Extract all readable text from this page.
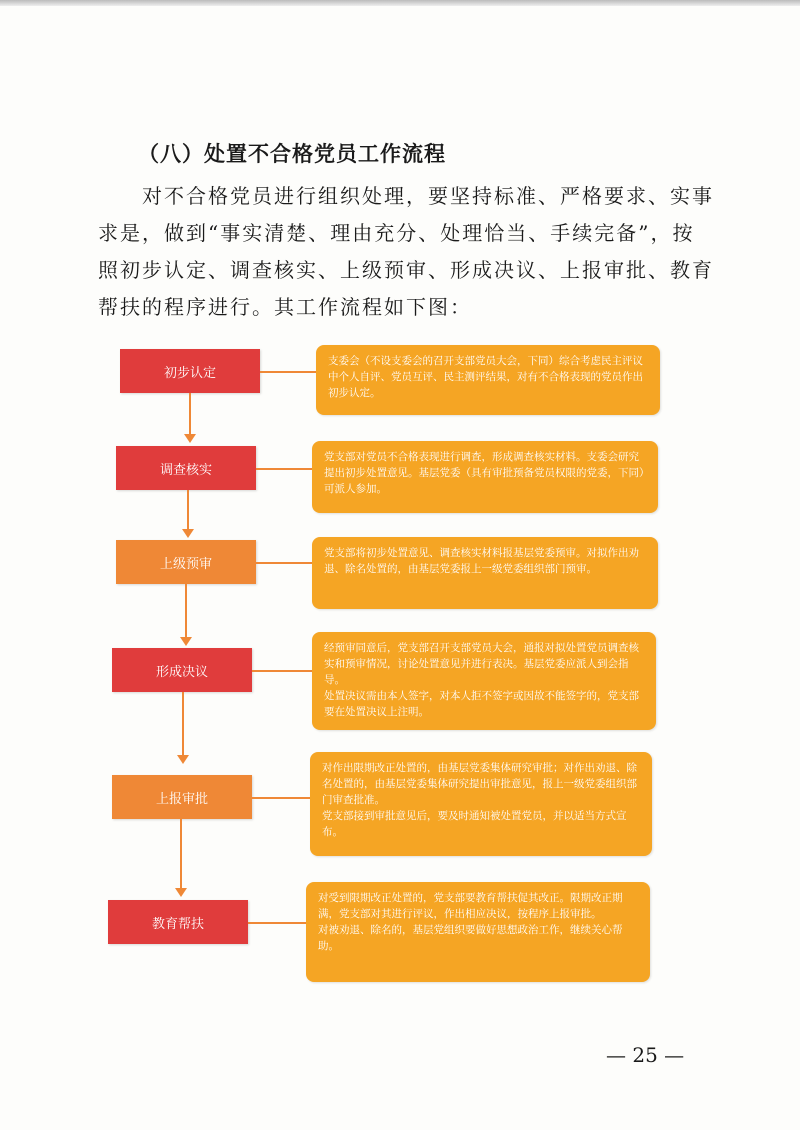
（八）处置不合格党员工作流程
对不合格党员进行组织处理，要坚持标准、严格要求、实事
求是，做到“事实清楚、理由充分、处理恰当、手续完备”，按
照初步认定、调查核实、上级预审、形成决议、上报审批、教育
帮扶的程序进行。其工作流程如下图：
初步认定

支委会（不设支委会的召开支部党员大会，下同）综合考虑民主评议中个人自评、党员互评、民主测评结果，对有不合格表现的党员作出初步认定。

调查核实

党支部对党员不合格表现进行调查，形成调查核实材料。支委会研究提出初步处置意见。基层党委（具有审批预备党员权限的党委，下同）可派人参加。

上级预审

党支部将初步处置意见、调查核实材料报基层党委预审。对拟作出劝退、除名处置的，由基层党委报上一级党委组织部门预审。

形成决议

经预审同意后，党支部召开支部党员大会，通报对拟处置党员调查核实和预审情况，讨论处置意见并进行表决。基层党委应派人到会指导。

处置决议需由本人签字，对本人拒不签字或因故不能签字的，党支部要在处置决议上注明。

上报审批

对作出限期改正处置的，由基层党委集体研究审批；对作出劝退、除名处置的，由基层党委集体研究提出审批意见，报上一级党委组织部门审查批准。

党支部接到审批意见后，要及时通知被处置党员，并以适当方式宣布。

教育帮扶

对受到限期改正处置的，党支部要教育帮扶促其改正。限期改正期满，党支部对其进行评议，作出相应决议，按程序上报审批。

对被劝退、除名的，基层党组织要做好思想政治工作，继续关心帮助。

— 25 —
